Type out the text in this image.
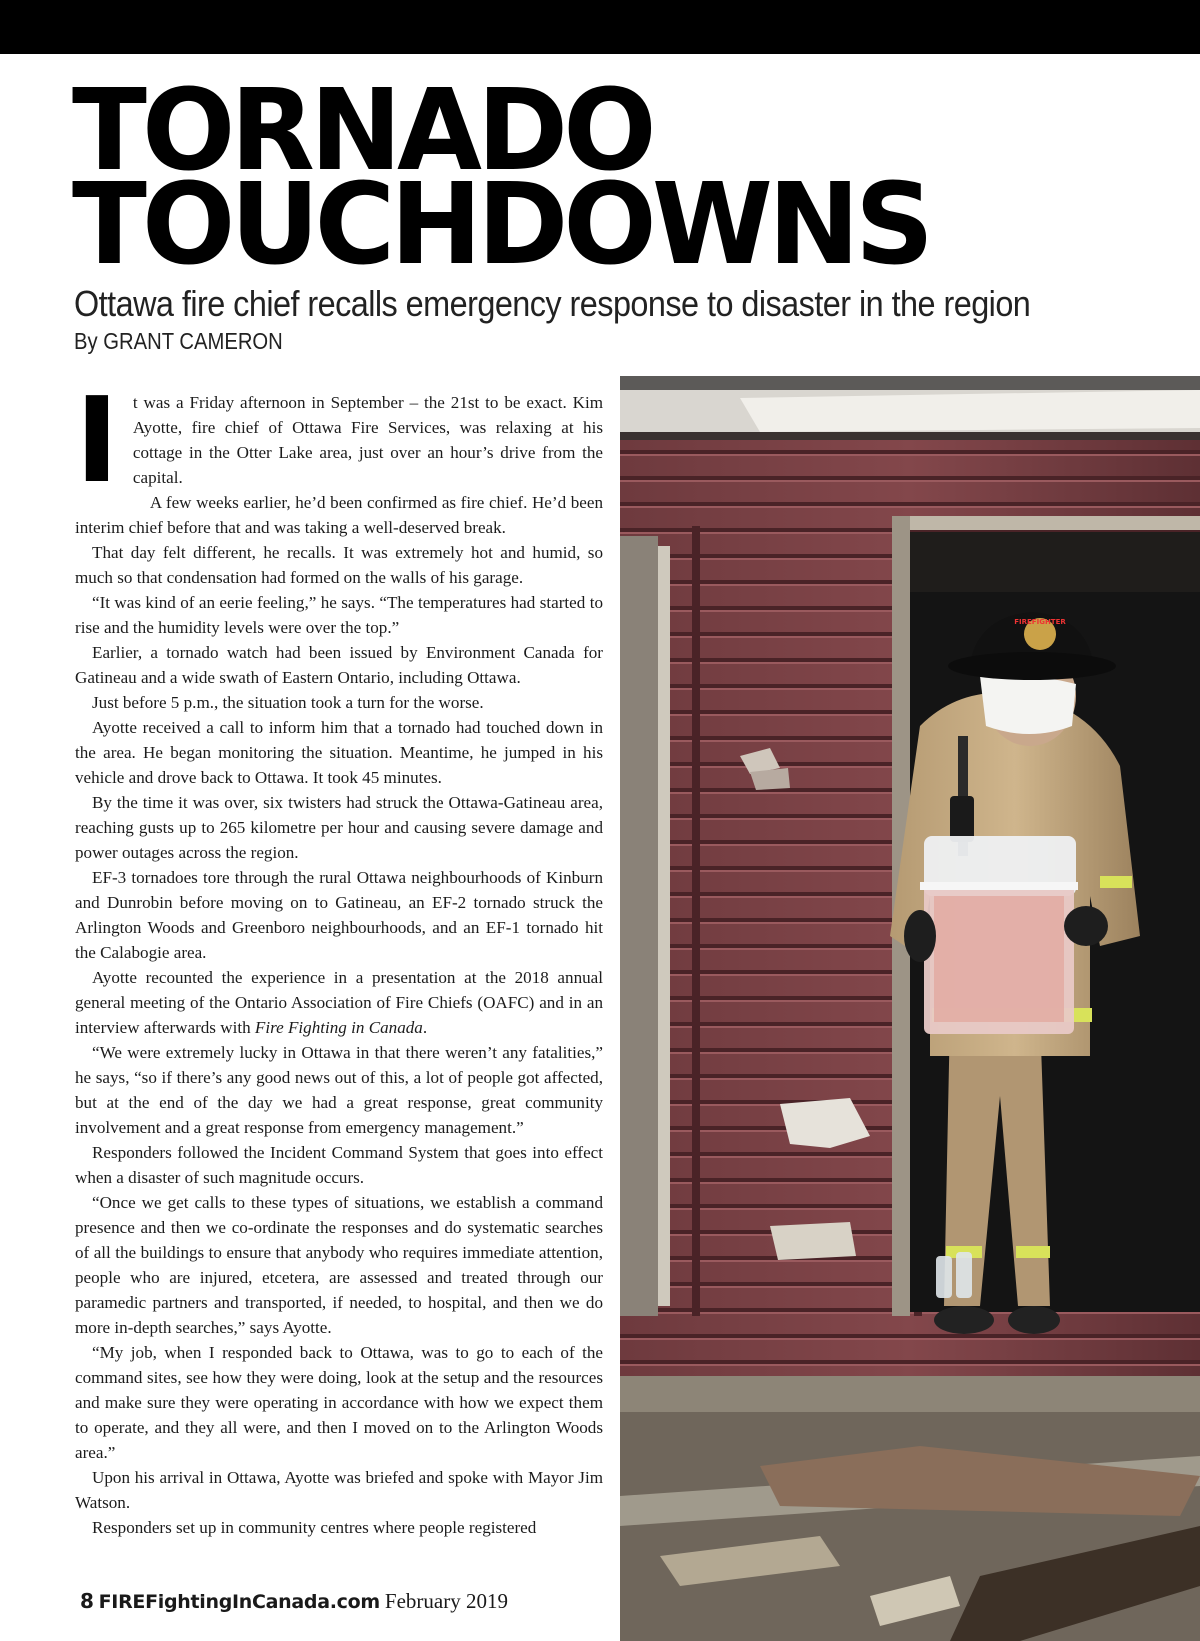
TORNADO
TOUCHDOWNS
Ottawa fire chief recalls emergency response to disaster in the region

By GRANT CAMERON

It was a Friday afternoon in September – the 21st to be exact. Kim Ayotte, fire chief of Ottawa Fire Services, was relaxing at his cottage in the Otter Lake area, just over an hour’s drive from the capital.

A few weeks earlier, he’d been confirmed as fire chief. He’d been interim chief before that and was taking a well-deserved break.

That day felt different, he recalls. It was extremely hot and humid, so much so that condensation had formed on the walls of his garage.

“It was kind of an eerie feeling,” he says. “The temperatures had started to rise and the humidity levels were over the top.”

Earlier, a tornado watch had been issued by Environment Canada for Gatineau and a wide swath of Eastern Ontario, including Ottawa.

Just before 5 p.m., the situation took a turn for the worse.

Ayotte received a call to inform him that a tornado had touched down in the area. He began monitoring the situation. Meantime, he jumped in his vehicle and drove back to Ottawa. It took 45 minutes.

By the time it was over, six twisters had struck the Ottawa-Gatineau area, reaching gusts up to 265 kilometre per hour and causing severe damage and power outages across the region.

EF-3 tornadoes tore through the rural Ottawa neighbourhoods of Kinburn and Dunrobin before moving on to Gatineau, an EF-2 tornado struck the Arlington Woods and Greenboro neighbourhoods, and an EF-1 tornado hit the Calabogie area.

Ayotte recounted the experience in a presentation at the 2018 annual general meeting of the Ontario Association of Fire Chiefs (OAFC) and in an interview afterwards with Fire Fighting in Canada.

“We were extremely lucky in Ottawa in that there weren’t any fatalities,” he says, “so if there’s any good news out of this, a lot of people got affected, but at the end of the day we had a great response, great community involvement and a great response from emergency management.”

Responders followed the Incident Command System that goes into effect when a disaster of such magnitude occurs.

“Once we get calls to these types of situations, we establish a command presence and then we co-ordinate the responses and do systematic searches of all the buildings to ensure that anybody who requires immediate attention, people who are injured, etcetera, are assessed and treated through our paramedic partners and transported, if needed, to hospital, and then we do more in-depth searches,” says Ayotte.

“My job, when I responded back to Ottawa, was to go to each of the command sites, see how they were doing, look at the setup and the resources and make sure they were operating in accordance with how we expect them to operate, and they all were, and then I moved on to the Arlington Woods area.”

Upon his arrival in Ottawa, Ayotte was briefed and spoke with Mayor Jim Watson.

Responders set up in community centres where people registered

FIREFIGHTER
8 FIREFightingInCanada.com February 2019
